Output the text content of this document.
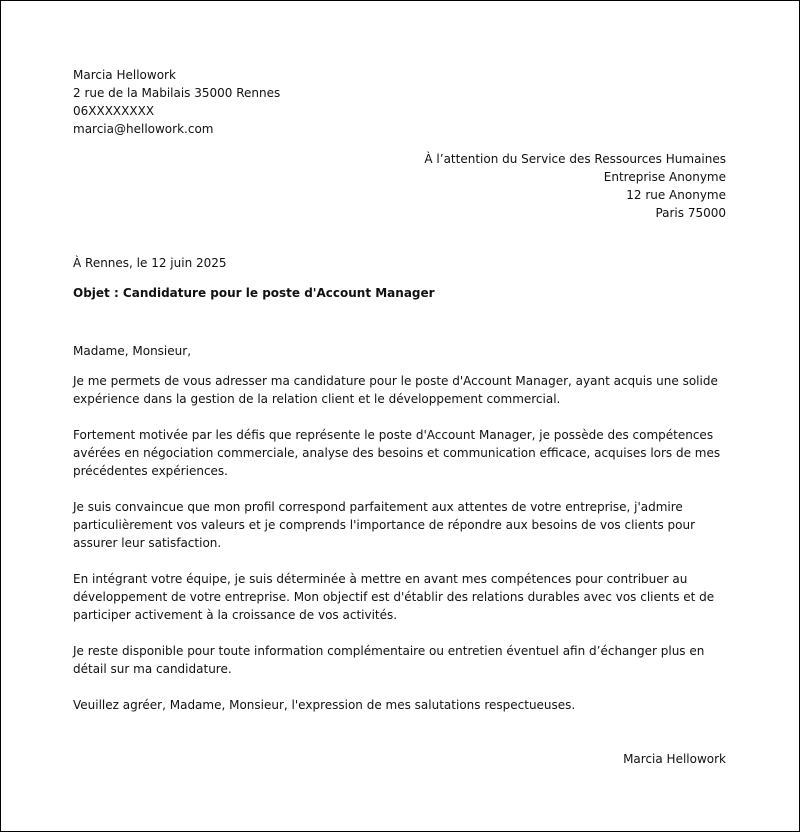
Marcia Hellowork
2 rue de la Mabilais 35000 Rennes
06XXXXXXXX
marcia@hellowork.com
À l’attention du Service des Ressources Humaines
Entreprise Anonyme
12 rue Anonyme
Paris 75000
À Rennes, le 12 juin 2025
Objet : Candidature pour le poste d'Account Manager
Madame, Monsieur,
Je me permets de vous adresser ma candidature pour le poste d'Account Manager, ayant acquis une solide expérience dans la gestion de la relation client et le développement commercial.
Fortement motivée par les défis que représente le poste d'Account Manager, je possède des compétences avérées en négociation commerciale, analyse des besoins et communication efficace, acquises lors de mes précédentes expériences.
Je suis convaincue que mon profil correspond parfaitement aux attentes de votre entreprise, j'admire particulièrement vos valeurs et je comprends l'importance de répondre aux besoins de vos clients pour assurer leur satisfaction.
En intégrant votre équipe, je suis déterminée à mettre en avant mes compétences pour contribuer au développement de votre entreprise. Mon objectif est d'établir des relations durables avec vos clients et de participer activement à la croissance de vos activités.
Je reste disponible pour toute information complémentaire ou entretien éventuel afin d’échanger plus en détail sur ma candidature.
Veuillez agréer, Madame, Monsieur, l'expression de mes salutations respectueuses.
Marcia Hellowork
